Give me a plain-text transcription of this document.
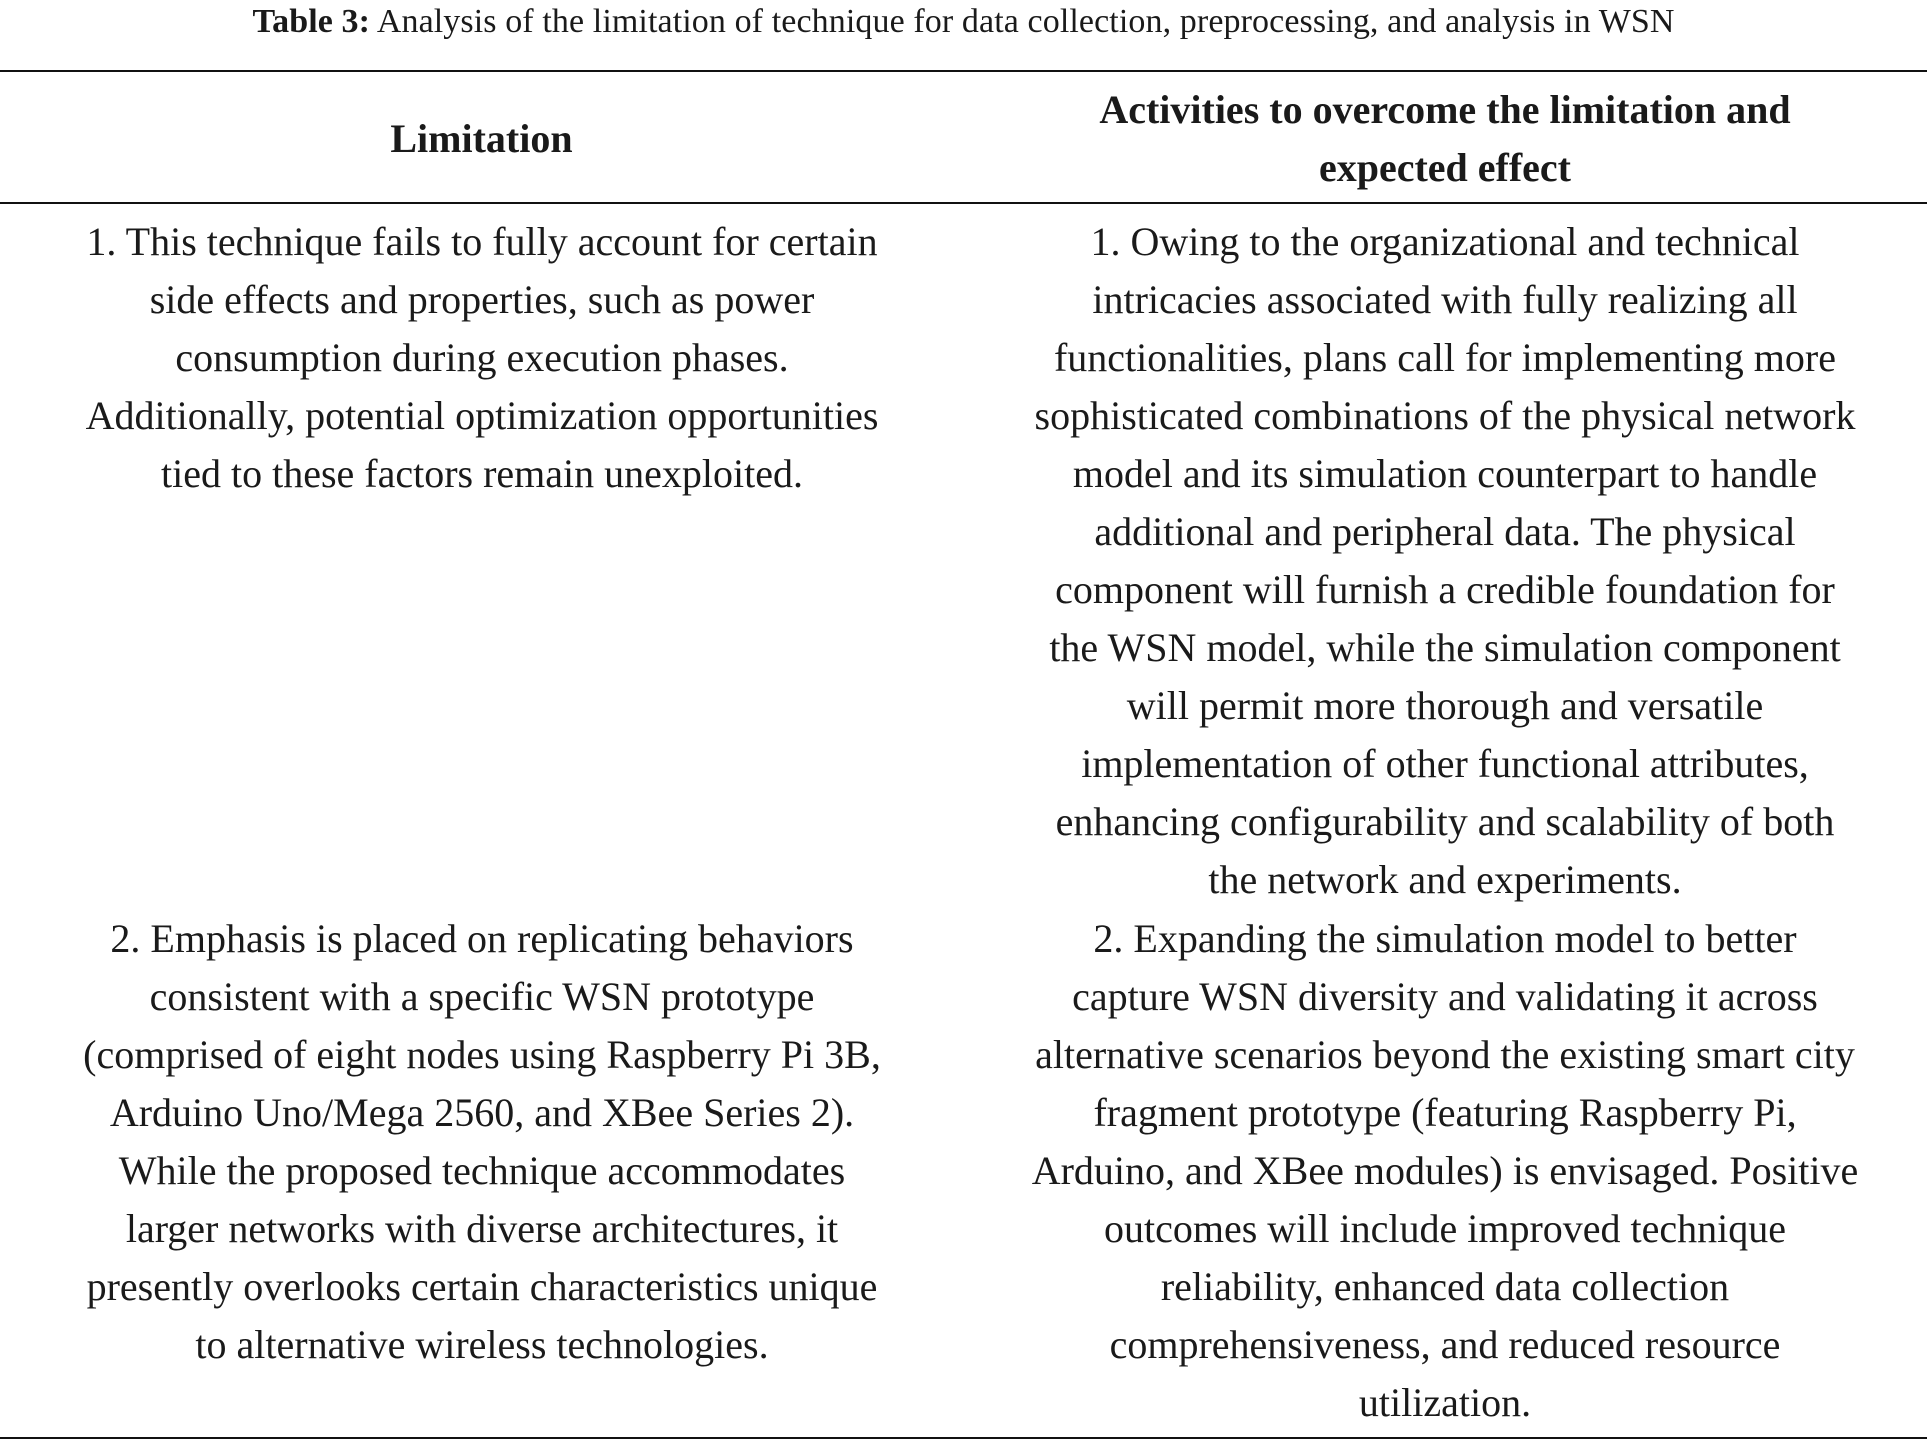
Table 3: Analysis of the limitation of technique for data collection, preprocessing, and analysis in WSN
Limitation
Activities to overcome the limitation and
expected effect
1. This technique fails to fully account for certain
side effects and properties, such as power
consumption during execution phases.
Additionally, potential optimization opportunities
tied to these factors remain unexploited.
1. Owing to the organizational and technical
intricacies associated with fully realizing all
functionalities, plans call for implementing more
sophisticated combinations of the physical network
model and its simulation counterpart to handle
additional and peripheral data. The physical
component will furnish a credible foundation for
the WSN model, while the simulation component
will permit more thorough and versatile
implementation of other functional attributes,
enhancing configurability and scalability of both
the network and experiments.
2. Emphasis is placed on replicating behaviors
consistent with a specific WSN prototype
(comprised of eight nodes using Raspberry Pi 3B,
Arduino Uno/Mega 2560, and XBee Series 2).
While the proposed technique accommodates
larger networks with diverse architectures, it
presently overlooks certain characteristics unique
to alternative wireless technologies.
2. Expanding the simulation model to better
capture WSN diversity and validating it across
alternative scenarios beyond the existing smart city
fragment prototype (featuring Raspberry Pi,
Arduino, and XBee modules) is envisaged. Positive
outcomes will include improved technique
reliability, enhanced data collection
comprehensiveness, and reduced resource
utilization.
